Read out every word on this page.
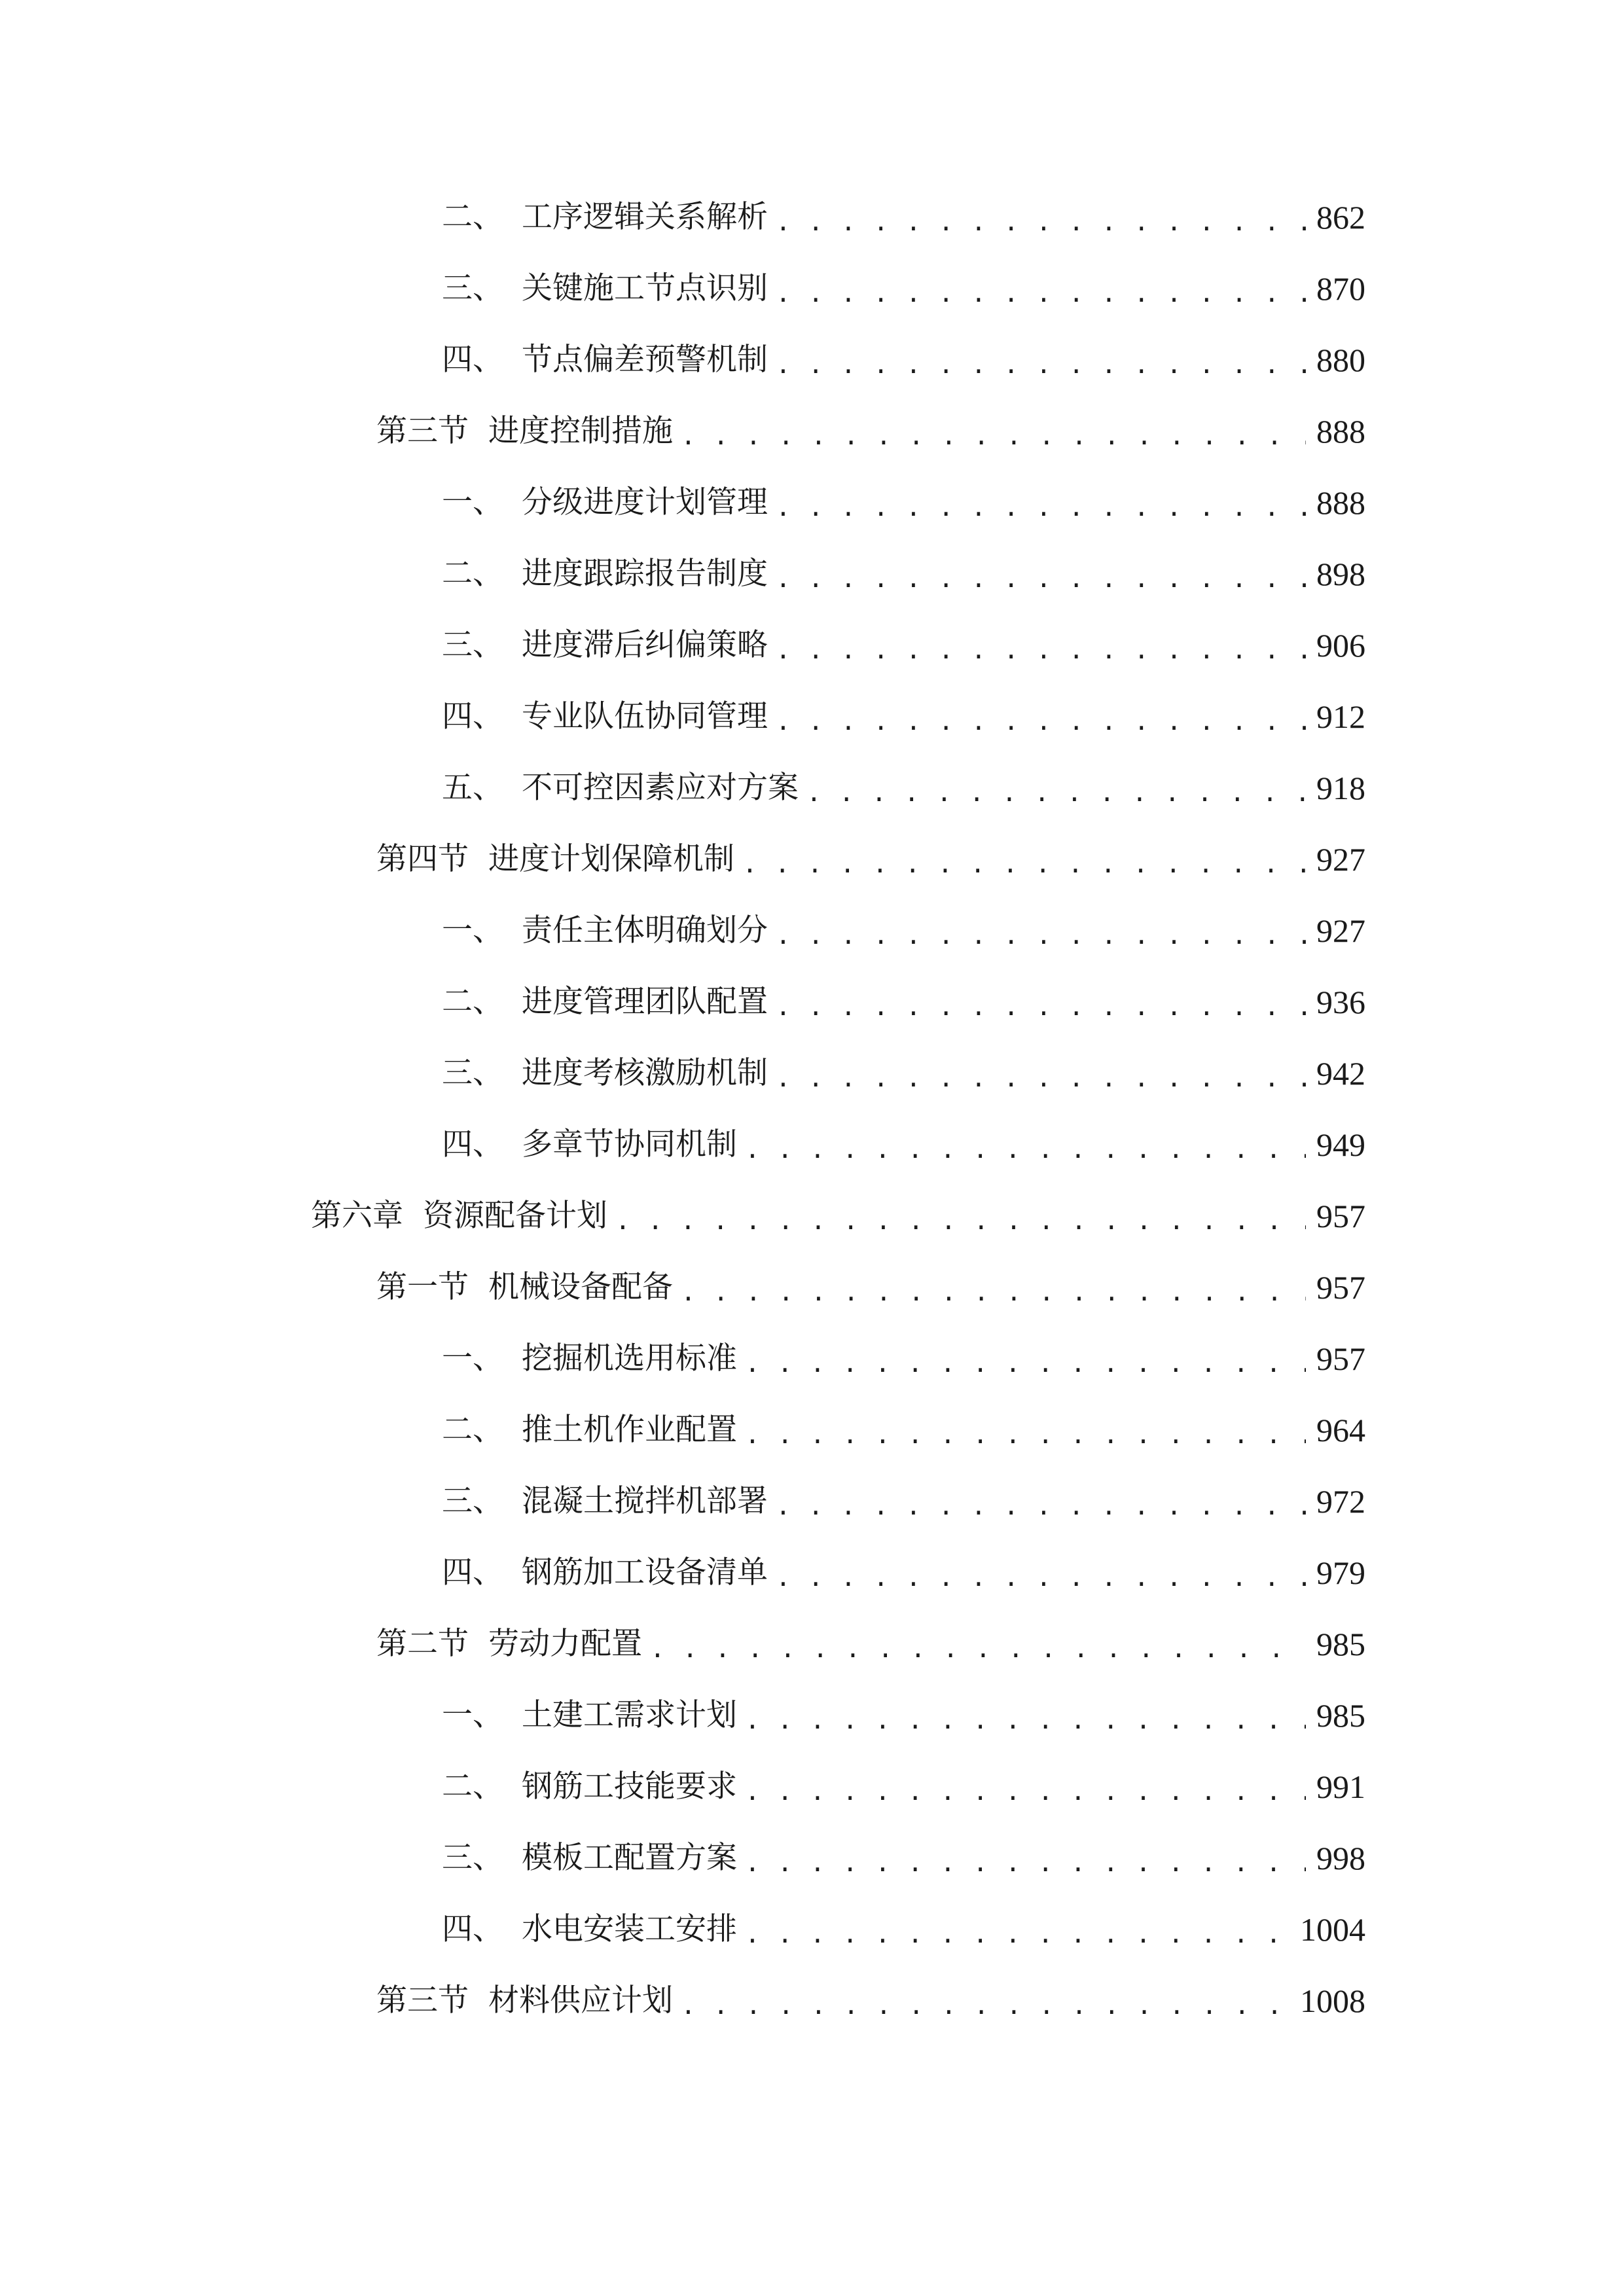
二、 工序逻辑关系解析 . . .	862
三、 关键施工节点识别 . . .	870
四、 节点偏差预警机制 . . .	880
第三节 进度控制措施 . . .	888
一、 分级进度计划管理 . . .	888
二、 进度跟踪报告制度 . . .	898
三、 进度滞后纠偏策略 . . .	906
四、 专业队伍协同管理 . . .	912
五、 不可控因素应对方案 . . .	918
第四节 进度计划保障机制 . . .	927
一、 责任主体明确划分 . . .	927
二、 进度管理团队配置 . . .	936
三、 进度考核激励机制 . . .	942
四、 多章节协同机制 . . .	949
第六章 资源配备计划 . . .	957
第一节 机械设备配备 . . .	957
一、 挖掘机选用标准 . . .	957
二、 推土机作业配置 . . .	964
三、 混凝土搅拌机部署 . . .	972
四、 钢筋加工设备清单 . . .	979
第二节 劳动力配置 . . .	985
一、 土建工需求计划 . . .	985
二、 钢筋工技能要求 . . .	991
三、 模板工配置方案 . . .	998
四、 水电安装工安排 . . .	1004
第三节 材料供应计划 . . .	1008
